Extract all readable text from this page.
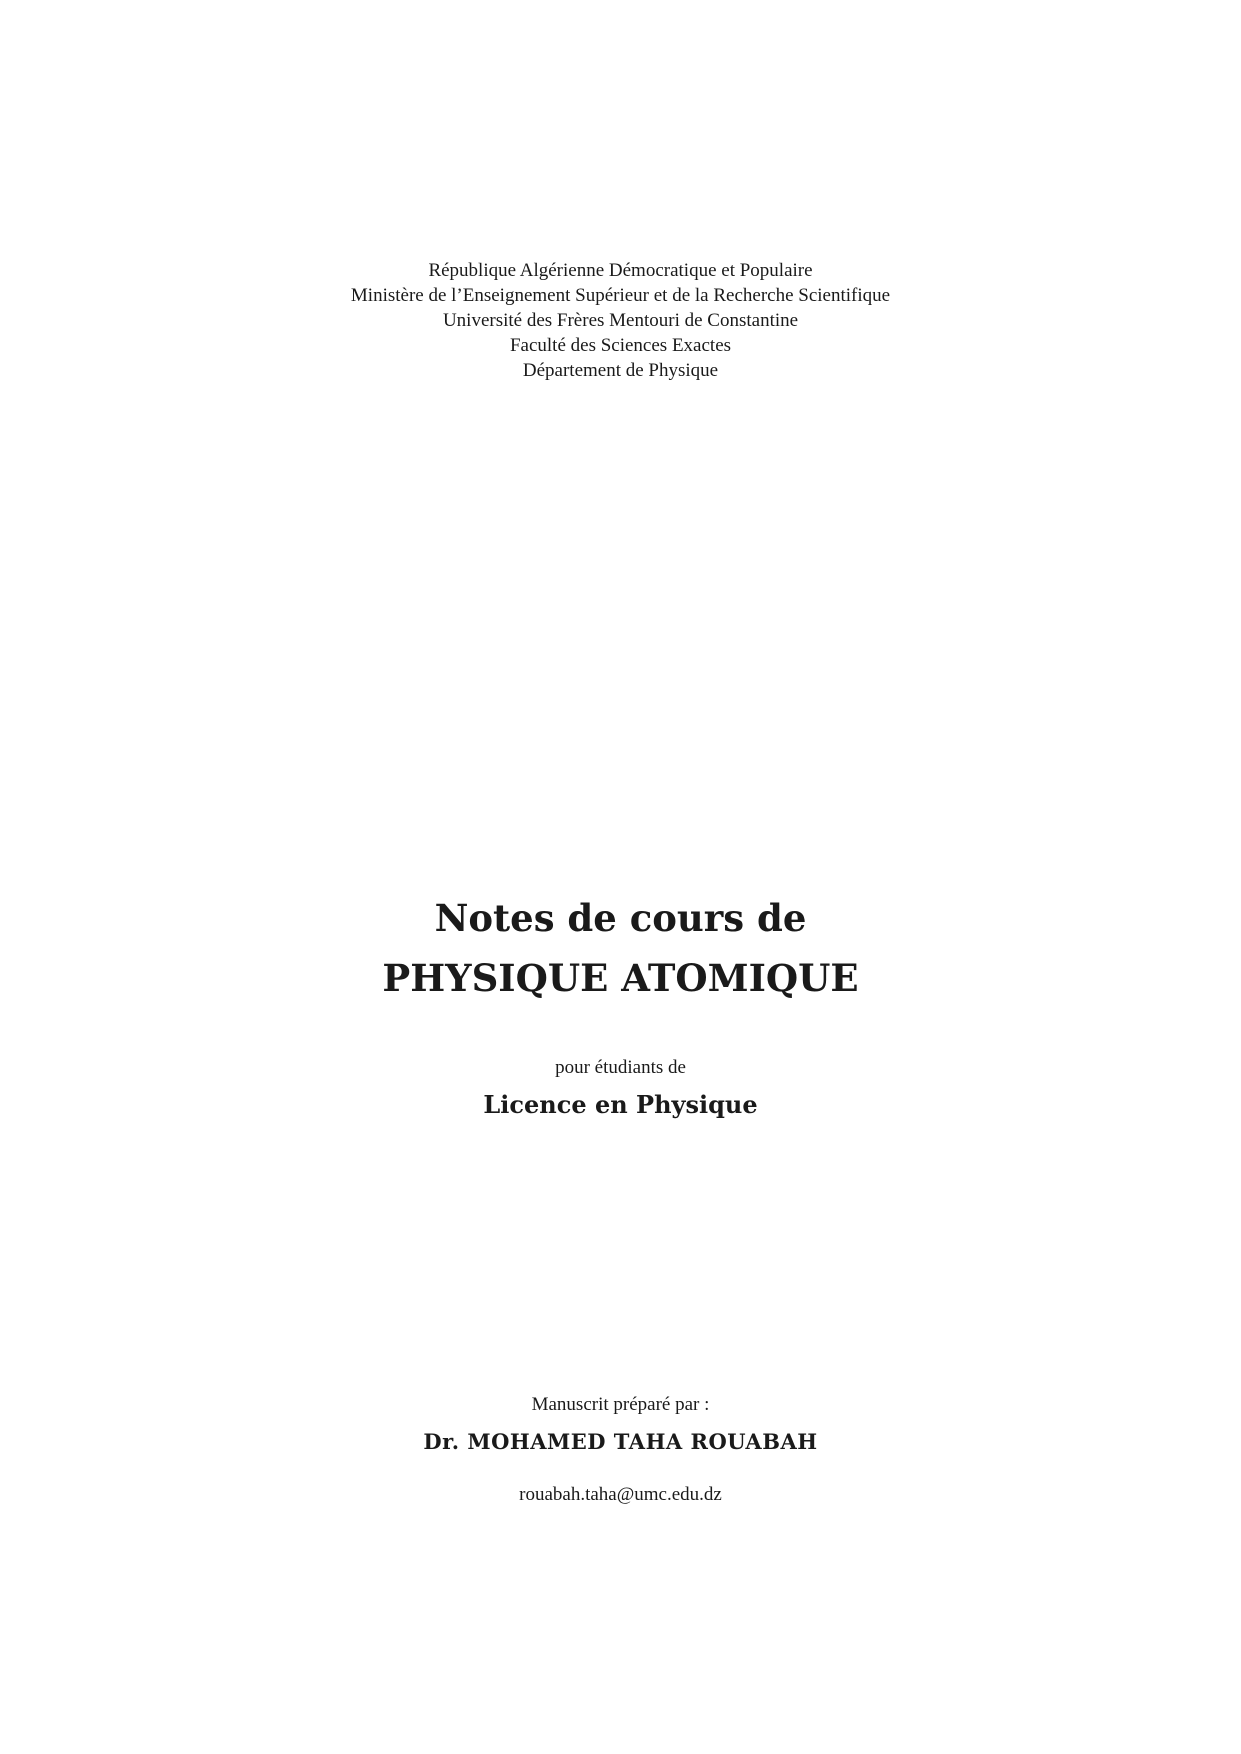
République Algérienne Démocratique et Populaire
Ministère de l’Enseignement Supérieur et de la Recherche Scientifique
Université des Frères Mentouri de Constantine
Faculté des Sciences Exactes
Département de Physique
Notes de cours de
PHYSIQUE ATOMIQUE
pour étudiants de
Licence en Physique
Manuscrit préparé par :
Dr. MOHAMED TAHA ROUABAH
rouabah.taha@umc.edu.dz
